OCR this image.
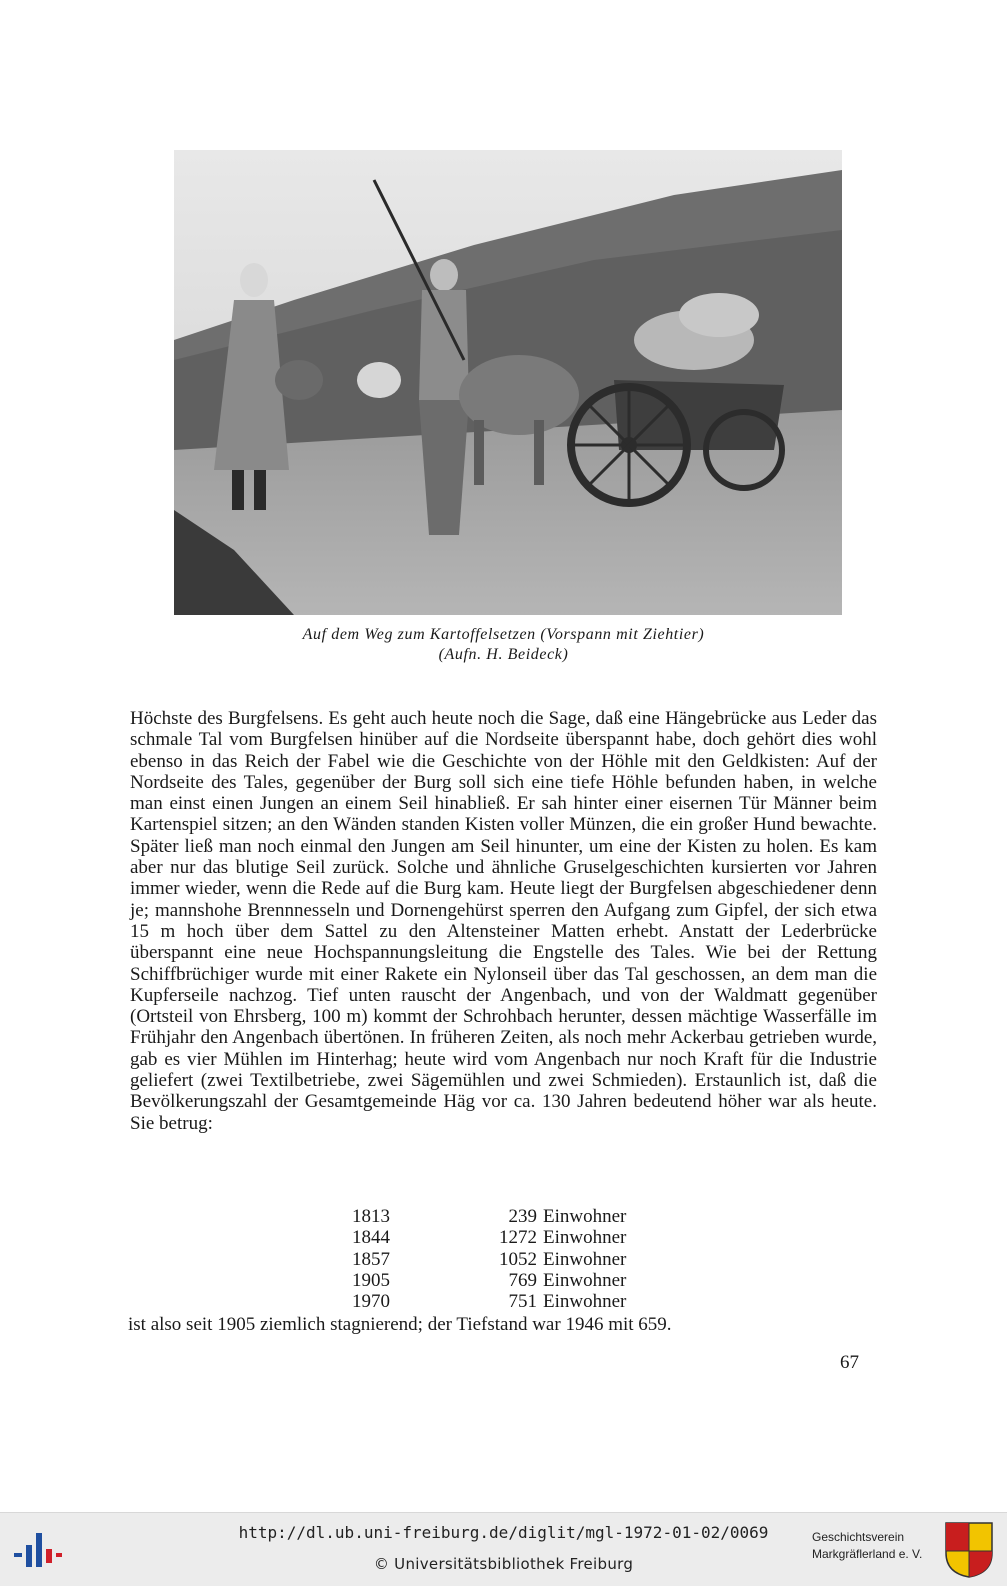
Auf dem Weg zum Kartoffelsetzen (Vorspann mit Ziehtier)
(Aufn. H. Beideck)

Höchste des Burgfelsens. Es geht auch heute noch die Sage, daß eine Hängebrücke aus Leder das schmale Tal vom Burgfelsen hinüber auf die Nordseite überspannt habe, doch gehört dies wohl ebenso in das Reich der Fabel wie die Geschichte von der Höhle mit den Geldkisten: Auf der Nordseite des Tales, gegenüber der Burg soll sich eine tiefe Höhle befunden haben, in welche man einst einen Jungen an einem Seil hinabließ. Er sah hinter einer eisernen Tür Männer beim Kartenspiel sitzen; an den Wänden standen Kisten voller Münzen, die ein großer Hund bewachte. Später ließ man noch einmal den Jungen am Seil hinunter, um eine der Kisten zu holen. Es kam aber nur das blutige Seil zurück. Solche und ähnliche Gruselgeschichten kursierten vor Jahren immer wieder, wenn die Rede auf die Burg kam. Heute liegt der Burgfelsen abgeschiedener denn je; mannshohe Brennnesseln und Dornengehürst sperren den Aufgang zum Gipfel, der sich etwa 15 m hoch über dem Sattel zu den Altensteiner Matten erhebt. Anstatt der Lederbrücke überspannt eine neue Hochspannungsleitung die Engstelle des Tales. Wie bei der Rettung Schiffbrüchiger wurde mit einer Rakete ein Nylonseil über das Tal geschossen, an dem man die Kupferseile nachzog. Tief unten rauscht der Angenbach, und von der Waldmatt gegenüber (Ortsteil von Ehrsberg, 100 m) kommt der Schrohbach herunter, dessen mächtige Wasserfälle im Frühjahr den Angenbach übertönen. In früheren Zeiten, als noch mehr Ackerbau getrieben wurde, gab es vier Mühlen im Hinterhag; heute wird vom Angenbach nur noch Kraft für die Industrie geliefert (zwei Textilbetriebe, zwei Sägemühlen und zwei Schmieden). Erstaunlich ist, daß die Bevölkerungszahl der Gesamtgemeinde Häg vor ca. 130 Jahren bedeutend höher war als heute. Sie betrug:

1813	239	Einwohner
1844	1272	Einwohner
1857	1052	Einwohner
1905	769	Einwohner
1970	751	Einwohner
ist also seit 1905 ziemlich stagnierend; der Tiefstand war 1946 mit 659.
67
http://dl.ub.uni-freiburg.de/diglit/mgl-1972-01-02/0069
© Universitätsbibliothek Freiburg
Geschichtsverein
Markgräflerland e. V.
